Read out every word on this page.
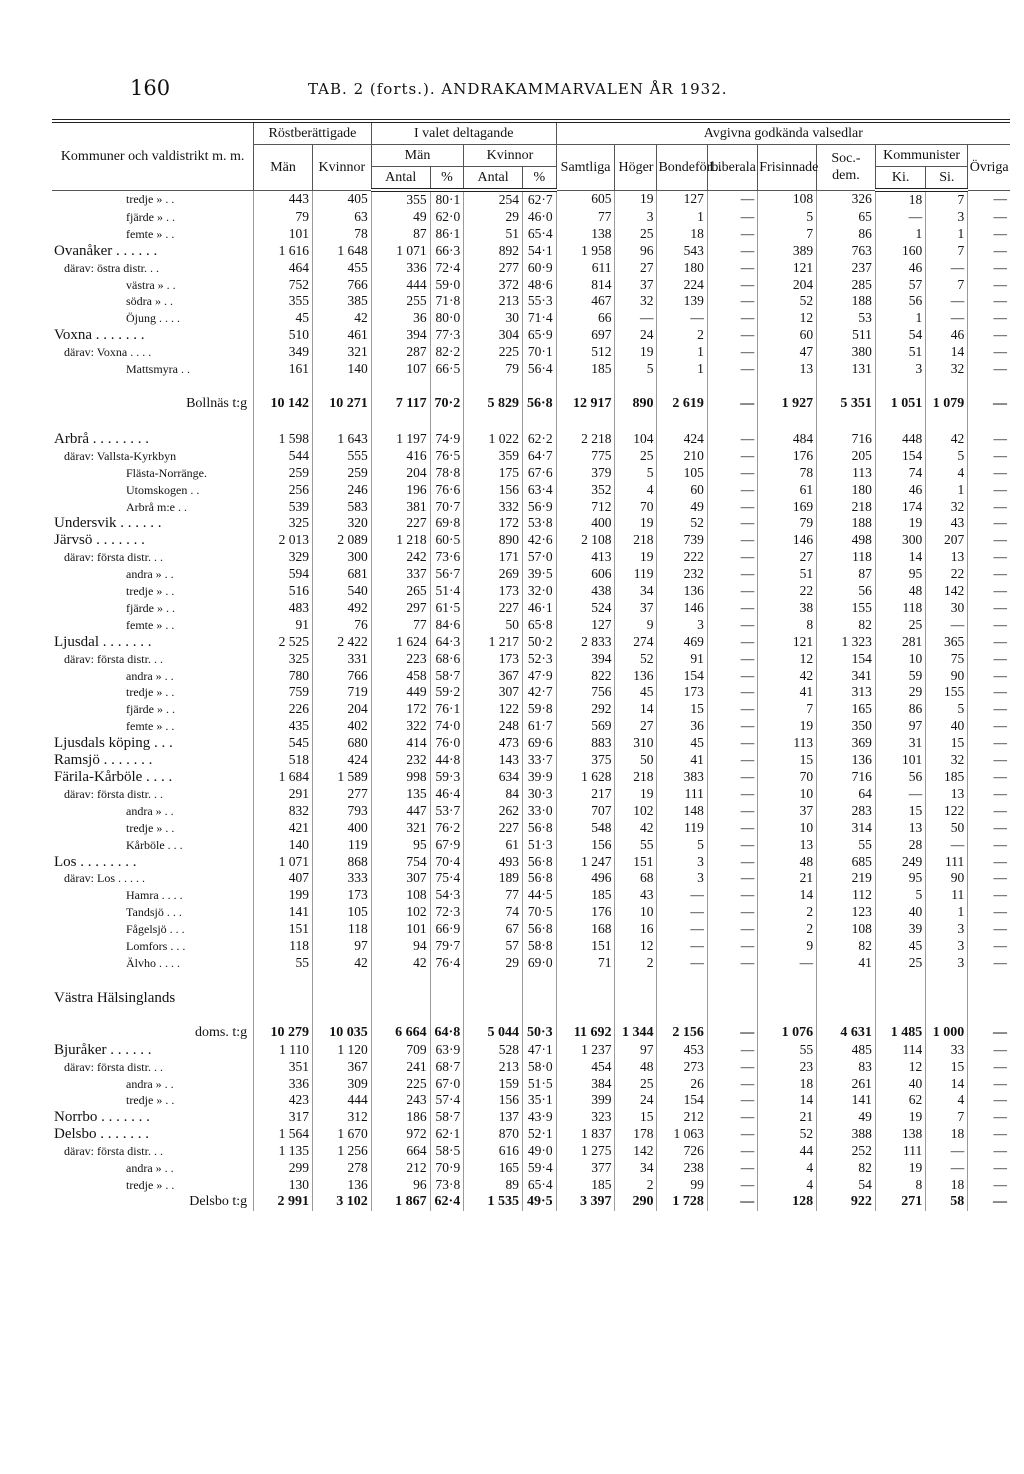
160	TAB. 2 (forts.). ANDRAKAMMARVALEN ÅR 1932.
Kommuner och valdistrikt m. m.	Röstberättigade		I valet deltagande				Avgivna godkända valsedlar								
	Män	Kvinnor	Män		Kvinnor		Samtliga	Höger	Bondeförb.	Liberala	Frisinnade	Soc.-dem.	Kommunister		Övriga
			Antal	%	Antal	%							Ki.	Si.	
tredje » . .	443	405	355	80·1	254	62·7	605	19	127	—	108	326	18	7	—
fjärde » . .	79	63	49	62·0	29	46·0	77	3	1	—	5	65	—	3	—
femte » . .	101	78	87	86·1	51	65·4	138	25	18	—	7	86	1	1	—
Ovanåker . . . . . .	1 616	1 648	1 071	66·3	892	54·1	1 958	96	543	—	389	763	160	7	—
därav: östra distr. . .	464	455	336	72·4	277	60·9	611	27	180	—	121	237	46	—	—
västra » . .	752	766	444	59·0	372	48·6	814	37	224	—	204	285	57	7	—
södra » . .	355	385	255	71·8	213	55·3	467	32	139	—	52	188	56	—	—
Öjung . . . .	45	42	36	80·0	30	71·4	66	—	—	—	12	53	1	—	—
Voxna . . . . . . .	510	461	394	77·3	304	65·9	697	24	2	—	60	511	54	46	—
därav: Voxna . . . .	349	321	287	82·2	225	70·1	512	19	1	—	47	380	51	14	—
Mattsmyra . .	161	140	107	66·5	79	56·4	185	5	1	—	13	131	3	32	—

Bollnäs t:g	10 142	10 271	7 117	70·2	5 829	56·8	12 917	890	2 619	—	1 927	5 351	1 051	1 079	—

Arbrå . . . . . . . .	1 598	1 643	1 197	74·9	1 022	62·2	2 218	104	424	—	484	716	448	42	—
därav: Vallsta-Kyrkbyn	544	555	416	76·5	359	64·7	775	25	210	—	176	205	154	5	—
Flästa-Norränge.	259	259	204	78·8	175	67·6	379	5	105	—	78	113	74	4	—
Utomskogen . .	256	246	196	76·6	156	63·4	352	4	60	—	61	180	46	1	—
Arbrå m:e . .	539	583	381	70·7	332	56·9	712	70	49	—	169	218	174	32	—
Undersvik . . . . . .	325	320	227	69·8	172	53·8	400	19	52	—	79	188	19	43	—
Järvsö . . . . . . .	2 013	2 089	1 218	60·5	890	42·6	2 108	218	739	—	146	498	300	207	—
därav: första distr. . .	329	300	242	73·6	171	57·0	413	19	222	—	27	118	14	13	—
andra » . .	594	681	337	56·7	269	39·5	606	119	232	—	51	87	95	22	—
tredje » . .	516	540	265	51·4	173	32·0	438	34	136	—	22	56	48	142	—
fjärde » . .	483	492	297	61·5	227	46·1	524	37	146	—	38	155	118	30	—
femte » . .	91	76	77	84·6	50	65·8	127	9	3	—	8	82	25	—	—
Ljusdal . . . . . . .	2 525	2 422	1 624	64·3	1 217	50·2	2 833	274	469	—	121	1 323	281	365	—
därav: första distr. . .	325	331	223	68·6	173	52·3	394	52	91	—	12	154	10	75	—
andra » . .	780	766	458	58·7	367	47·9	822	136	154	—	42	341	59	90	—
tredje » . .	759	719	449	59·2	307	42·7	756	45	173	—	41	313	29	155	—
fjärde » . .	226	204	172	76·1	122	59·8	292	14	15	—	7	165	86	5	—
femte » . .	435	402	322	74·0	248	61·7	569	27	36	—	19	350	97	40	—
Ljusdals köping . . .	545	680	414	76·0	473	69·6	883	310	45	—	113	369	31	15	—
Ramsjö . . . . . . .	518	424	232	44·8	143	33·7	375	50	41	—	15	136	101	32	—
Färila-Kårböle . . . .	1 684	1 589	998	59·3	634	39·9	1 628	218	383	—	70	716	56	185	—
därav: första distr. . .	291	277	135	46·4	84	30·3	217	19	111	—	10	64	—	13	—
andra » . .	832	793	447	53·7	262	33·0	707	102	148	—	37	283	15	122	—
tredje » . .	421	400	321	76·2	227	56·8	548	42	119	—	10	314	13	50	—
Kårböle . . .	140	119	95	67·9	61	51·3	156	55	5	—	13	55	28	—	—
Los . . . . . . . .	1 071	868	754	70·4	493	56·8	1 247	151	3	—	48	685	249	111	—
därav: Los . . . . .	407	333	307	75·4	189	56·8	496	68	3	—	21	219	95	90	—
Hamra . . . .	199	173	108	54·3	77	44·5	185	43	—	—	14	112	5	11	—
Tandsjö . . .	141	105	102	72·3	74	70·5	176	10	—	—	2	123	40	1	—
Fågelsjö . . .	151	118	101	66·9	67	56·8	168	16	—	—	2	108	39	3	—
Lomfors . . .	118	97	94	79·7	57	58·8	151	12	—	—	9	82	45	3	—
Älvho . . . .	55	42	42	76·4	29	69·0	71	2	—	—	—	41	25	3	—

Västra Hälsinglands															

doms. t:g	10 279	10 035	6 664	64·8	5 044	50·3	11 692	1 344	2 156	—	1 076	4 631	1 485	1 000	—
Bjuråker . . . . . .	1 110	1 120	709	63·9	528	47·1	1 237	97	453	—	55	485	114	33	—
därav: första distr. . .	351	367	241	68·7	213	58·0	454	48	273	—	23	83	12	15	—
andra » . .	336	309	225	67·0	159	51·5	384	25	26	—	18	261	40	14	—
tredje » . .	423	444	243	57·4	156	35·1	399	24	154	—	14	141	62	4	—
Norrbo . . . . . . .	317	312	186	58·7	137	43·9	323	15	212	—	21	49	19	7	—
Delsbo . . . . . . .	1 564	1 670	972	62·1	870	52·1	1 837	178	1 063	—	52	388	138	18	—
därav: första distr. . .	1 135	1 256	664	58·5	616	49·0	1 275	142	726	—	44	252	111	—	—
andra » . .	299	278	212	70·9	165	59·4	377	34	238	—	4	82	19	—	—
tredje » . .	130	136	96	73·8	89	65·4	185	2	99	—	4	54	8	18	—
Delsbo t:g	2 991	3 102	1 867	62·4	1 535	49·5	3 397	290	1 728	—	128	922	271	58	—
